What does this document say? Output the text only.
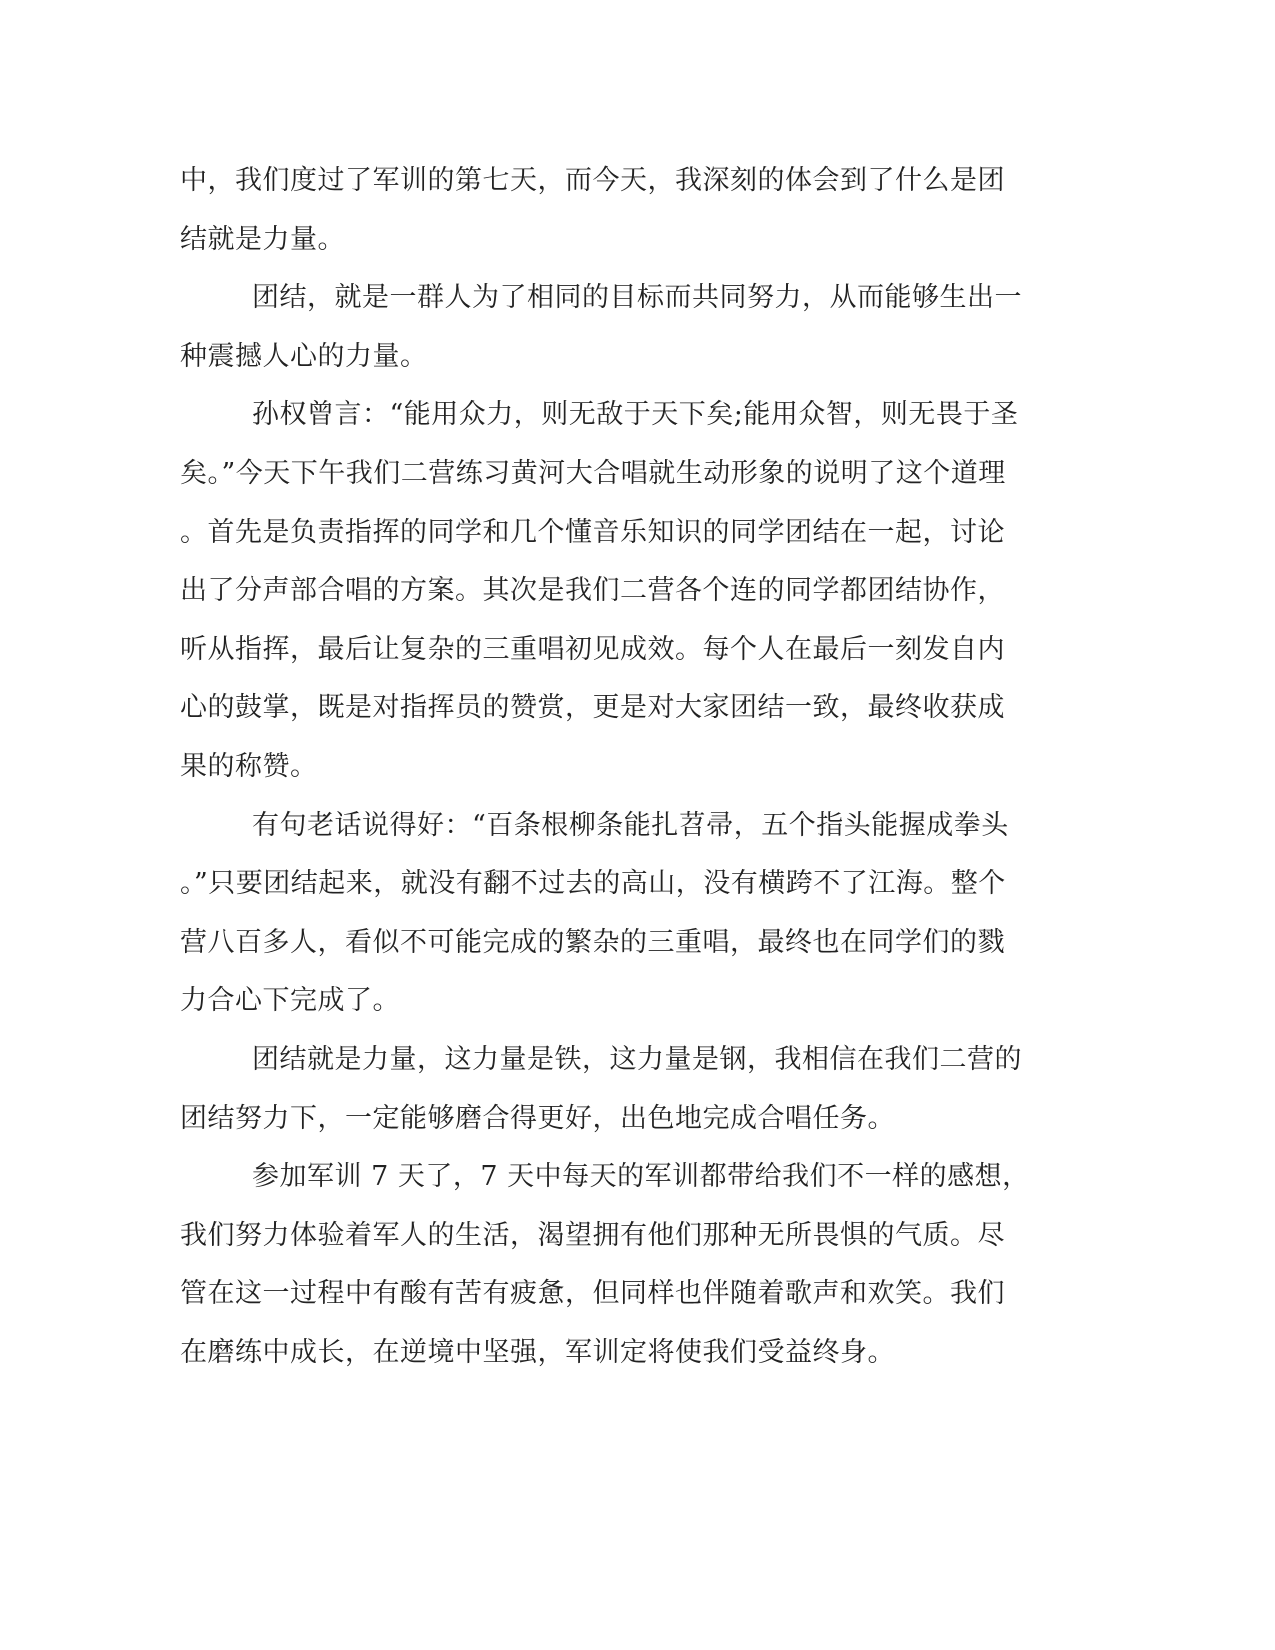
中，我们度过了军训的第七天，而今天，我深刻的体会到了什么是团
结就是力量。
团结，就是一群人为了相同的目标而共同努力，从而能够生出一
种震撼人心的力量。
孙权曾言：“能用众力，则无敌于天下矣;能用众智，则无畏于圣
矣。”今天下午我们二营练习黄河大合唱就生动形象的说明了这个道理
。首先是负责指挥的同学和几个懂音乐知识的同学团结在一起，讨论
出了分声部合唱的方案。其次是我们二营各个连的同学都团结协作，
听从指挥，最后让复杂的三重唱初见成效。每个人在最后一刻发自内
心的鼓掌，既是对指挥员的赞赏，更是对大家团结一致，最终收获成
果的称赞。
有句老话说得好：“百条根柳条能扎苕帚，五个指头能握成拳头
。”只要团结起来，就没有翻不过去的高山，没有横跨不了江海。整个
营八百多人，看似不可能完成的繁杂的三重唱，最终也在同学们的戮
力合心下完成了。
团结就是力量，这力量是铁，这力量是钢，我相信在我们二营的
团结努力下，一定能够磨合得更好，出色地完成合唱任务。
参加军训 7 天了，7 天中每天的军训都带给我们不一样的感想，
我们努力体验着军人的生活，渴望拥有他们那种无所畏惧的气质。尽
管在这一过程中有酸有苦有疲惫，但同样也伴随着歌声和欢笑。我们
在磨练中成长，在逆境中坚强，军训定将使我们受益终身。
